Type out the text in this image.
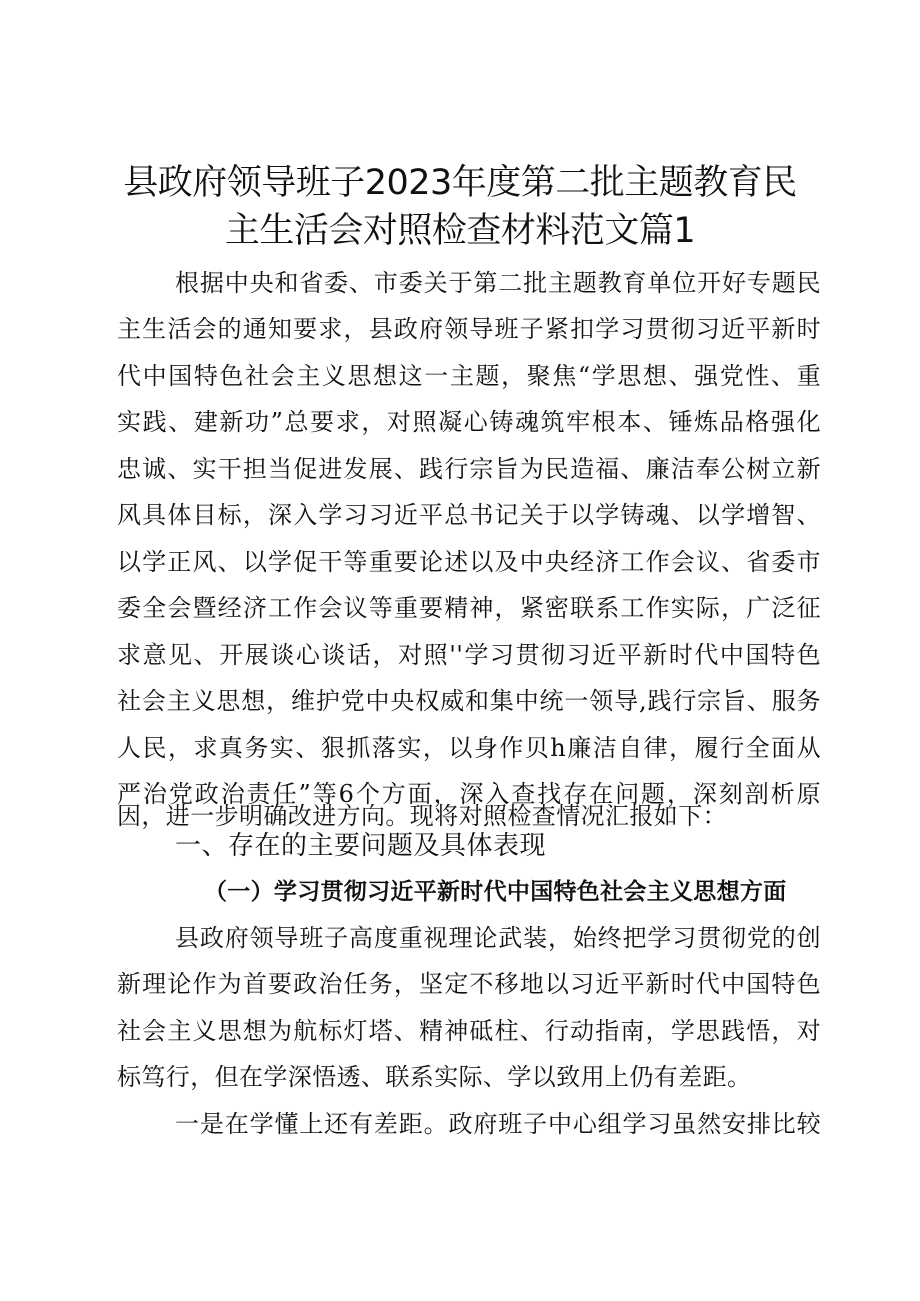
县政府领导班子2023年度第二批主题教育民
主生活会对照检查材料范文篇1
根据中央和省委、市委关于第二批主题教育单位开好专题民
主生活会的通知要求，县政府领导班子紧扣学习贯彻习近平新时
代中国特色社会主义思想这一主题，聚焦“学思想、强党性、重
实践、建新功”总要求，对照凝心铸魂筑牢根本、锤炼品格强化
忠诚、实干担当促进发展、践行宗旨为民造福、廉洁奉公树立新
风具体目标，深入学习习近平总书记关于以学铸魂、以学增智、
以学正风、以学促干等重要论述以及中央经济工作会议、省委市
委全会暨经济工作会议等重要精神，紧密联系工作实际，广泛征
求意见、开展谈心谈话，对照''学习贯彻习近平新时代中国特色
社会主义思想，维护党中央权威和集中统一领导,践行宗旨、服务
人民，求真务实、狠抓落实，以身作贝h廉洁自律，履行全面从
严治党政治责任”等6个方面，深入查找存在问题，深刻剖析原
因，进一步明确改进方向。现将对照检查情况汇报如下：
一、存在的主要问题及具体表现
（一）学习贯彻习近平新时代中国特色社会主义思想方面
县政府领导班子高度重视理论武装，始终把学习贯彻党的创
新理论作为首要政治任务，坚定不移地以习近平新时代中国特色
社会主义思想为航标灯塔、精神砥柱、行动指南，学思践悟，对
标笃行，但在学深悟透、联系实际、学以致用上仍有差距。
一是在学懂上还有差距。政府班子中心组学习虽然安排比较
